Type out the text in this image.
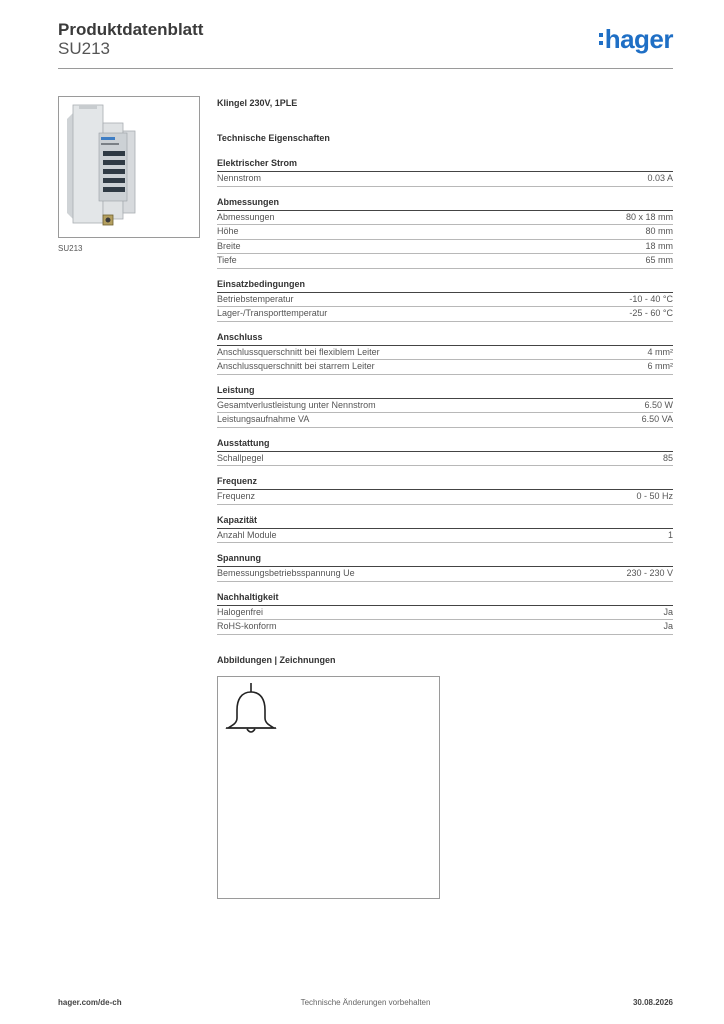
Produktdatenblatt
SU213	hager
SU213
Klingel 230V, 1PLE
Technische Eigenschaften
Elektrischer Strom
Nennstrom	0.03 A
Abmessungen
Abmessungen	80 x 18 mm
Höhe	80 mm
Breite	18 mm
Tiefe	65 mm
Einsatzbedingungen
Betriebstemperatur	-10 - 40 °C
Lager-/Transporttemperatur	-25 - 60 °C
Anschluss
Anschlussquerschnitt bei flexiblem Leiter	4 mm²
Anschlussquerschnitt bei starrem Leiter	6 mm²
Leistung
Gesamtverlustleistung unter Nennstrom	6.50 W
Leistungsaufnahme VA	6.50 VA
Ausstattung
Schallpegel	85
Frequenz
Frequenz	0 - 50 Hz
Kapazität
Anzahl Module	1
Spannung
Bemessungsbetriebsspannung Ue	230 - 230 V
Nachhaltigkeit
Halogenfrei	Ja
RoHS-konform	Ja
Abbildungen | Zeichnungen
hager.com/de-ch	Technische Änderungen vorbehalten	30.08.2026
